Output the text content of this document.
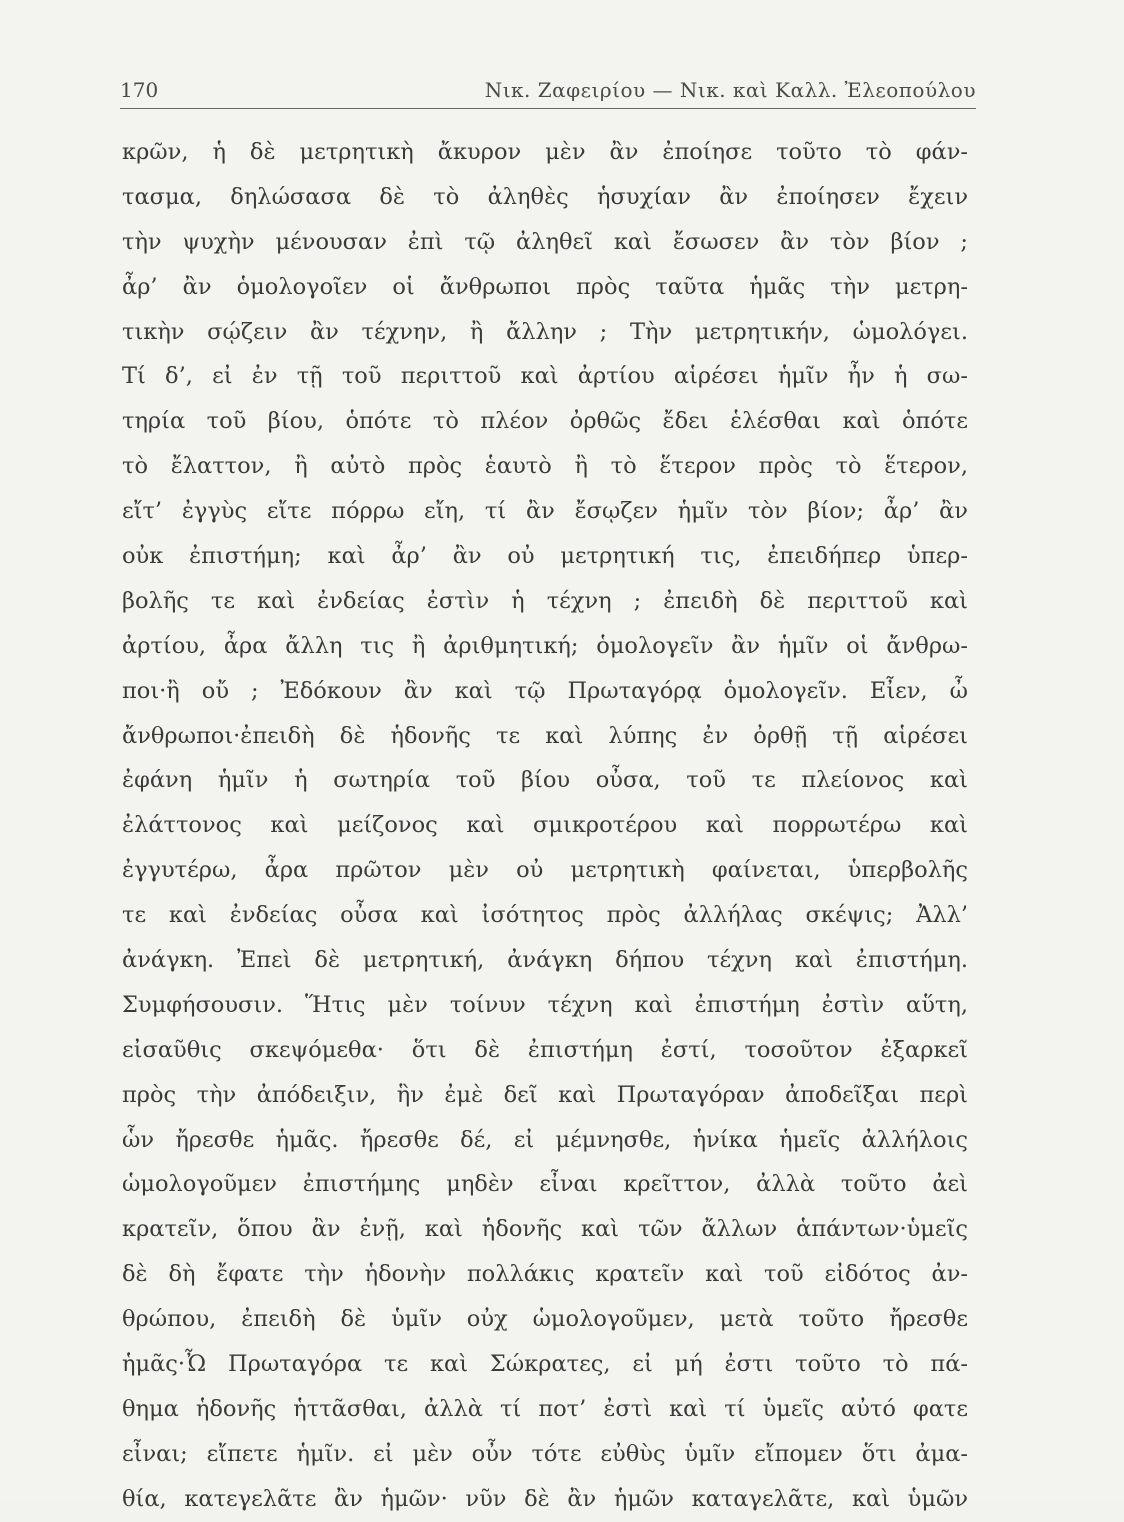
170	Νικ. Ζαφειρίου — Νικ. καὶ Καλλ. Ἐλεοπούλου
κρῶν, ἡ δὲ μετρητικὴ ἄκυρον μὲν ἂν ἐποίησε τοῦτο τὸ φάν-
τασμα, δηλώσασα δὲ τὸ ἀληθὲς ἡσυχίαν ἂν ἐποίησεν ἔχειν
τὴν ψυχὴν μένουσαν ἐπὶ τῷ ἀληθεῖ καὶ ἔσωσεν ἂν τὸν βίον ;
ἆρ’ ἂν ὁμολογοῖεν οἱ ἄνθρωποι πρὸς ταῦτα ἡμᾶς τὴν μετρη-
τικὴν σῴζειν ἂν τέχνην, ἢ ἄλλην ; Τὴν μετρητικήν, ὡμολόγει.
Τί δ’, εἰ ἐν τῇ τοῦ περιττοῦ καὶ ἀρτίου αἱρέσει ἡμῖν ἦν ἡ σω-
τηρία τοῦ βίου, ὁπότε τὸ πλέον ὀρθῶς ἔδει ἑλέσθαι καὶ ὁπότε
τὸ ἔλαττον, ἢ αὐτὸ πρὸς ἑαυτὸ ἢ τὸ ἕτερον πρὸς τὸ ἕτερον,
εἴτ’ ἐγγὺς εἴτε πόρρω εἴη, τί ἂν ἔσῳζεν ἡμῖν τὸν βίον; ἆρ’ ἂν
οὐκ ἐπιστήμη; καὶ ἆρ’ ἂν οὐ μετρητική τις, ἐπειδήπερ ὑπερ-
βολῆς τε καὶ ἐνδείας ἐστὶν ἡ τέχνη ; ἐπειδὴ δὲ περιττοῦ καὶ
ἀρτίου, ἆρα ἄλλη τις ἢ ἀριθμητική; ὁμολογεῖν ἂν ἡμῖν οἱ ἄνθρω-
ποι·ἢ οὔ ; Ἐδόκουν ἂν καὶ τῷ Πρωταγόρᾳ ὁμολογεῖν. Εἶεν, ὦ
ἄνθρωποι·ἐπειδὴ δὲ ἡδονῆς τε καὶ λύπης ἐν ὀρθῇ τῇ αἱρέσει
ἐφάνη ἡμῖν ἡ σωτηρία τοῦ βίου οὖσα, τοῦ τε πλείονος καὶ
ἐλάττονος καὶ μείζονος καὶ σμικροτέρου καὶ πορρωτέρω καὶ
ἐγγυτέρω, ἆρα πρῶτον μὲν οὐ μετρητικὴ φαίνεται, ὑπερβολῆς
τε καὶ ἐνδείας οὖσα καὶ ἰσότητος πρὸς ἀλλήλας σκέψις; Ἀλλ’
ἀνάγκη. Ἐπεὶ δὲ μετρητική, ἀνάγκη δήπου τέχνη καὶ ἐπιστήμη.
Συμφήσουσιν. Ἥτις μὲν τοίνυν τέχνη καὶ ἐπιστήμη ἐστὶν αὕτη,
εἰσαῦθις σκεψόμεθα· ὅτι δὲ ἐπιστήμη ἐστί, τοσοῦτον ἐξαρκεῖ
πρὸς τὴν ἀπόδειξιν, ἣν ἐμὲ δεῖ καὶ Πρωταγόραν ἀποδεῖξαι περὶ
ὧν ἤρεσθε ἡμᾶς. ἤρεσθε δέ, εἰ μέμνησθε, ἡνίκα ἡμεῖς ἀλλήλοις
ὡμολογοῦμεν ἐπιστήμης μηδὲν εἶναι κρεῖττον, ἀλλὰ τοῦτο ἀεὶ
κρατεῖν, ὅπου ἂν ἐνῇ, καὶ ἡδονῆς καὶ τῶν ἄλλων ἁπάντων·ὑμεῖς
δὲ δὴ ἔφατε τὴν ἡδονὴν πολλάκις κρατεῖν καὶ τοῦ εἰδότος ἀν-
θρώπου, ἐπειδὴ δὲ ὑμῖν οὐχ ὡμολογοῦμεν, μετὰ τοῦτο ἤρεσθε
ἡμᾶς·Ὦ Πρωταγόρα τε καὶ Σώκρατες, εἰ μή ἐστι τοῦτο τὸ πά-
θημα ἡδονῆς ἡττᾶσθαι, ἀλλὰ τί ποτ’ ἐστὶ καὶ τί ὑμεῖς αὐτό φατε
εἶναι; εἴπετε ἡμῖν. εἰ μὲν οὖν τότε εὐθὺς ὑμῖν εἴπομεν ὅτι ἀμα-
θία, κατεγελᾶτε ἂν ἡμῶν· νῦν δὲ ἂν ἡμῶν καταγελᾶτε, καὶ ὑμῶν
